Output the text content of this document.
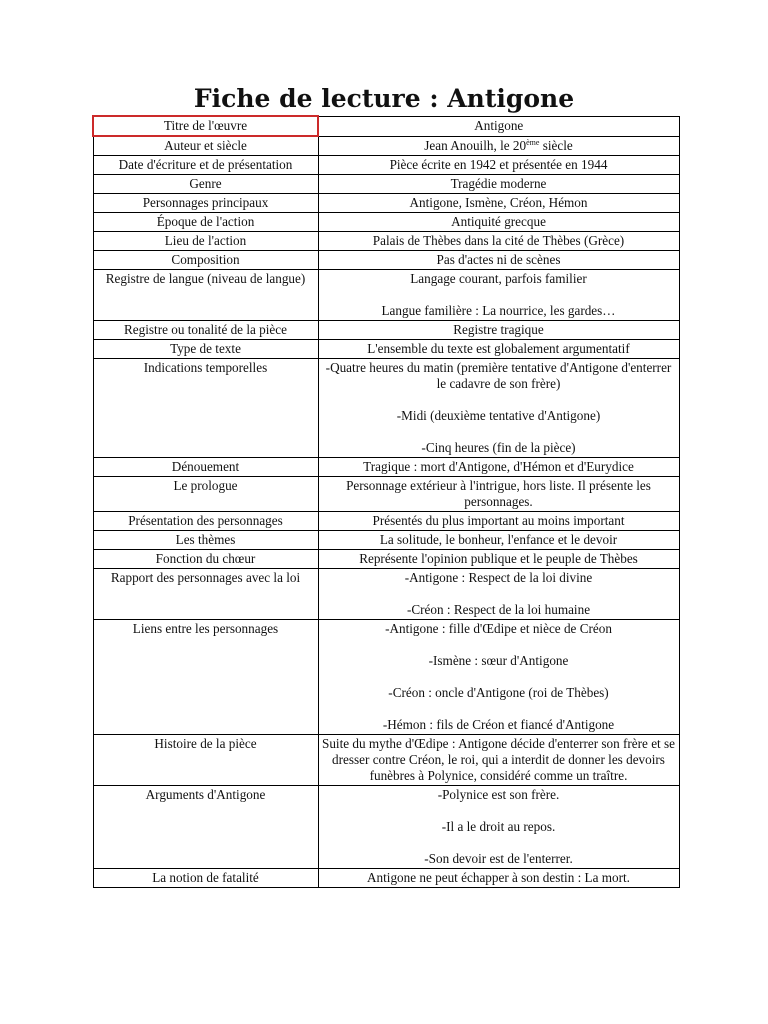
Fiche de lecture : Antigone
Titre de l'œuvre	Antigone
Auteur et siècle	Jean Anouilh, le 20ème siècle
Date d'écriture et de présentation	Pièce écrite en 1942 et présentée en 1944
Genre	Tragédie moderne
Personnages principaux	Antigone, Ismène, Créon, Hémon
Époque de l'action	Antiquité grecque
Lieu de l'action	Palais de Thèbes dans la cité de Thèbes (Grèce)
Composition	Pas d'actes ni de scènes
Registre de langue (niveau de langue)	Langage courant, parfois familier
Langue familière : La nourrice, les gardes…

Registre ou tonalité de la pièce	Registre tragique
Type de texte	L'ensemble du texte est globalement argumentatif
Indications temporelles	-Quatre heures du matin (première tentative d'Antigone d'enterrer le cadavre de son frère)
-Midi (deuxième tentative d'Antigone)
-Cinq heures (fin de la pièce)

Dénouement	Tragique : mort d'Antigone, d'Hémon et d'Eurydice
Le prologue	Personnage extérieur à l'intrigue, hors liste. Il présente les personnages.
Présentation des personnages	Présentés du plus important au moins important
Les thèmes	La solitude, le bonheur, l'enfance et le devoir
Fonction du chœur	Représente l'opinion publique et le peuple de Thèbes
Rapport des personnages avec la loi	-Antigone : Respect de la loi divine
-Créon : Respect de la loi humaine

Liens entre les personnages	-Antigone : fille d'Œdipe et nièce de Créon
-Ismène : sœur d'Antigone
-Créon : oncle d'Antigone (roi de Thèbes)
-Hémon : fils de Créon et fiancé d'Antigone

Histoire de la pièce	Suite du mythe d'Œdipe : Antigone décide d'enterrer son frère et se dresser contre Créon, le roi, qui a interdit de donner les devoirs funèbres à Polynice, considéré comme un traître.
Arguments d'Antigone	-Polynice est son frère.
-Il a le droit au repos.
-Son devoir est de l'enterrer.

La notion de fatalité	Antigone ne peut échapper à son destin : La mort.
